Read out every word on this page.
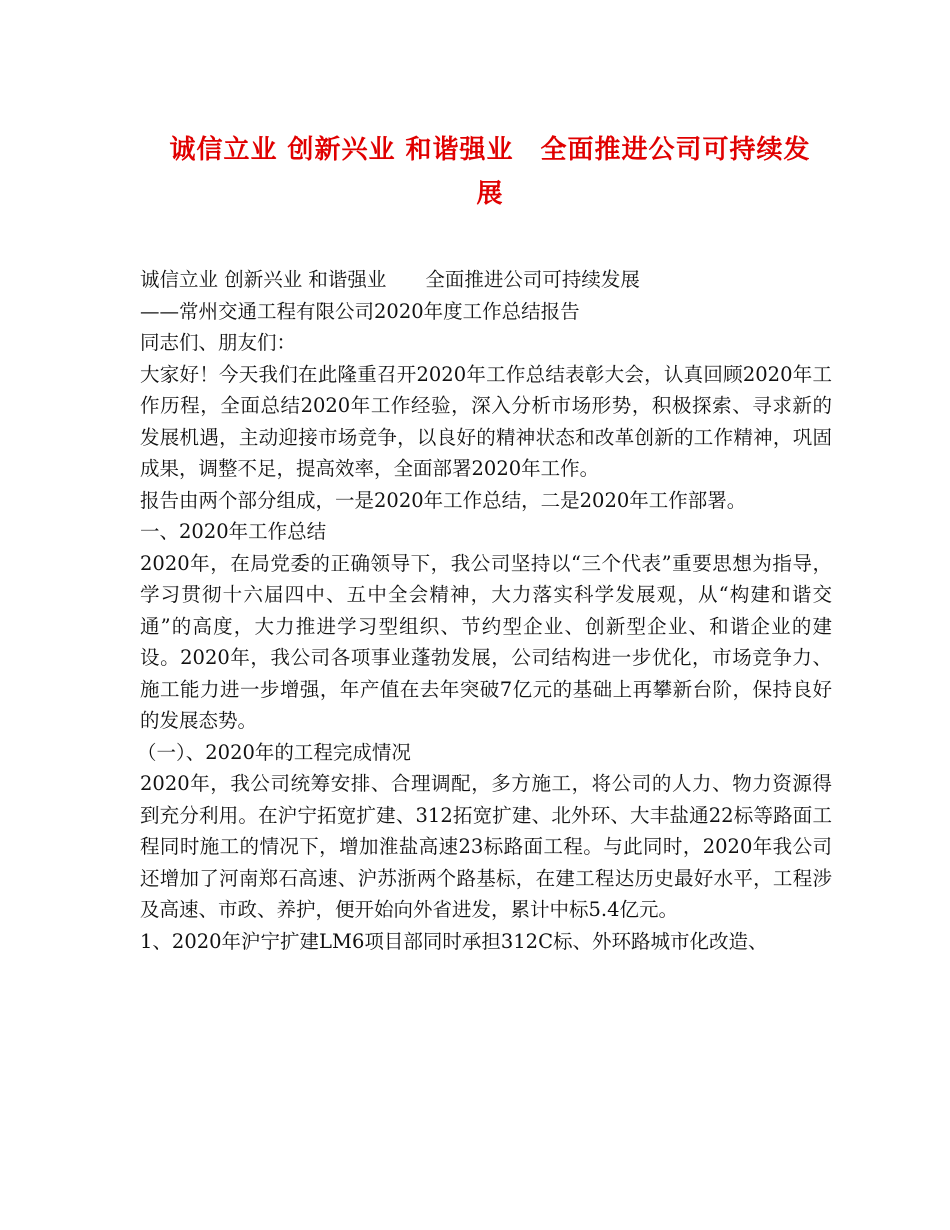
诚信立业 创新兴业 和谐强业　全面推进公司可持续发
展

诚信立业 创新兴业 和谐强业　　全面推进公司可持续发展

——常州交通工程有限公司2020年度工作总结报告

同志们、朋友们：

大家好！今天我们在此隆重召开2020年工作总结表彰大会，认真回顾2020年工作历程，全面总结2020年工作经验，深入分析市场形势，积极探索、寻求新的发展机遇，主动迎接市场竞争，以良好的精神状态和改革创新的工作精神，巩固成果，调整不足，提高效率，全面部署2020年工作。

报告由两个部分组成，一是2020年工作总结，二是2020年工作部署。

一、2020年工作总结

2020年，在局党委的正确领导下，我公司坚持以“三个代表”重要思想为指导，学习贯彻十六届四中、五中全会精神，大力落实科学发展观，从“构建和谐交通”的高度，大力推进学习型组织、节约型企业、创新型企业、和谐企业的建设。2020年，我公司各项事业蓬勃发展，公司结构进一步优化，市场竞争力、施工能力进一步增强，年产值在去年突破7亿元的基础上再攀新台阶，保持良好的发展态势。

（一）、2020年的工程完成情况

2020年，我公司统筹安排、合理调配，多方施工，将公司的人力、物力资源得到充分利用。在沪宁拓宽扩建、312拓宽扩建、北外环、大丰盐通22标等路面工程同时施工的情况下，增加淮盐高速23标路面工程。与此同时，2020年我公司还增加了河南郑石高速、沪苏浙两个路基标，在建工程达历史最好水平，工程涉及高速、市政、养护，便开始向外省进发，累计中标5.4亿元。

1、2020年沪宁扩建LM6项目部同时承担312C标、外环路城市化改造、
